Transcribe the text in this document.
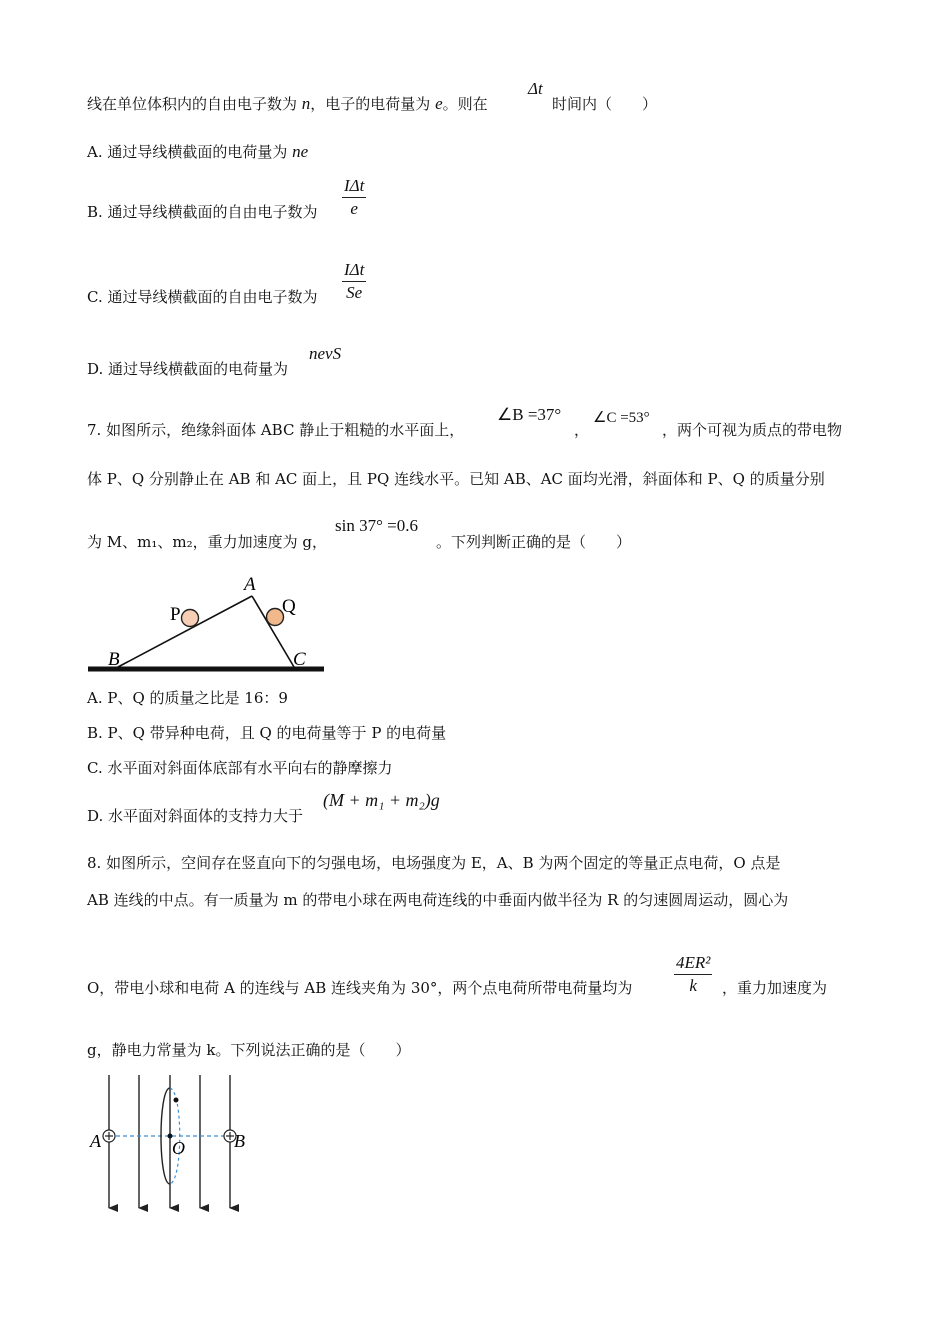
线在单位体积内的自由电子数为 n，电子的电荷量为 e。则在
Δt
时间内（　　）
A. 通过导线横截面的电荷量为 ne
B. 通过导线横截面的自由电子数为
IΔt
e
C. 通过导线横截面的自由电子数为
IΔt
Se
D. 通过导线横截面的电荷量为
nevS
7. 如图所示，绝缘斜面体 ABC 静止于粗糙的水平面上，
∠B =37°
，
∠C =53°
，两个可视为质点的带电物
体 P、Q 分别静止在 AB 和 AC 面上，且 PQ 连线水平。已知 AB、AC 面均光滑，斜面体和 P、Q 的质量分别
为 M、m₁、m₂，重力加速度为 g，
sin 37° =0.6
。下列判断正确的是（　　）
A
B	C
P	Q
A. P、Q 的质量之比是 16：9
B. P、Q 带异种电荷，且 Q 的电荷量等于 P 的电荷量
C. 水平面对斜面体底部有水平向右的静摩擦力
D. 水平面对斜面体的支持力大于
(M + m₁ + m₂)g
8. 如图所示，空间存在竖直向下的匀强电场，电场强度为 E，A、B 为两个固定的等量正点电荷，O 点是
AB 连线的中点。有一质量为 m 的带电小球在两电荷连线的中垂面内做半径为 R 的匀速圆周运动，圆心为
O，带电小球和电荷 A 的连线与 AB 连线夹角为 30°，两个点电荷所带电荷量均为
4ER²
k	，重力加速度为
g，静电力常量为 k。下列说法正确的是（　　）
A	B
O
